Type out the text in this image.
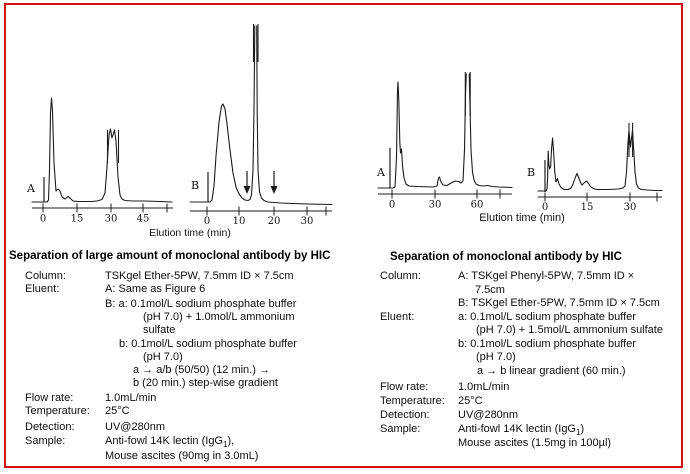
A
0 15 30 45
B
0 10 20 30
Elution time (min)
A
0	30	60
B
0	15	30
Elution time (min)
Separation of large amount of monoclonal antibody by HIC
Column:	TSKgel Ether-5PW, 7.5mm ID × 7.5cm
Eluent:	A: Same as Figure 6
B: a: 0.1mol/L sodium phosphate buffer
(pH 7.0) + 1.0mol/L ammonium
sulfate
b: 0.1mol/L sodium phosphate buffer
(pH 7.0)
a → a/b (50/50) (12 min.) →
b (20 min.) step-wise gradient
Flow rate:	1.0mL/min
Temperature: 25°C
Detection:	UV@280nm
Sample:	Anti-fowl 14K lectin (IgG$_1$),
Mouse ascites (90mg in 3.0mL)
Separation of monoclonal antibody by HIC
Column:	A: TSKgel Phenyl-5PW, 7.5mm ID ×
7.5cm
B: TSKgel Ether-5PW, 7.5mm ID × 7.5cm
Eluent:	a: 0.1mol/L sodium phosphate buffer
(pH 7.0) + 1.5mol/L ammonium sulfate
b: 0.1mol/L sodium phosphate buffer
(pH 7.0)
a → b linear gradient (60 min.)
Flow rate:	1.0mL/min
Temperature: 25°C
Detection:	UV@280nm
Sample:	Anti-fowl 14K lectin (IgG$_1$)
Mouse ascites (1.5mg in 100µl)
